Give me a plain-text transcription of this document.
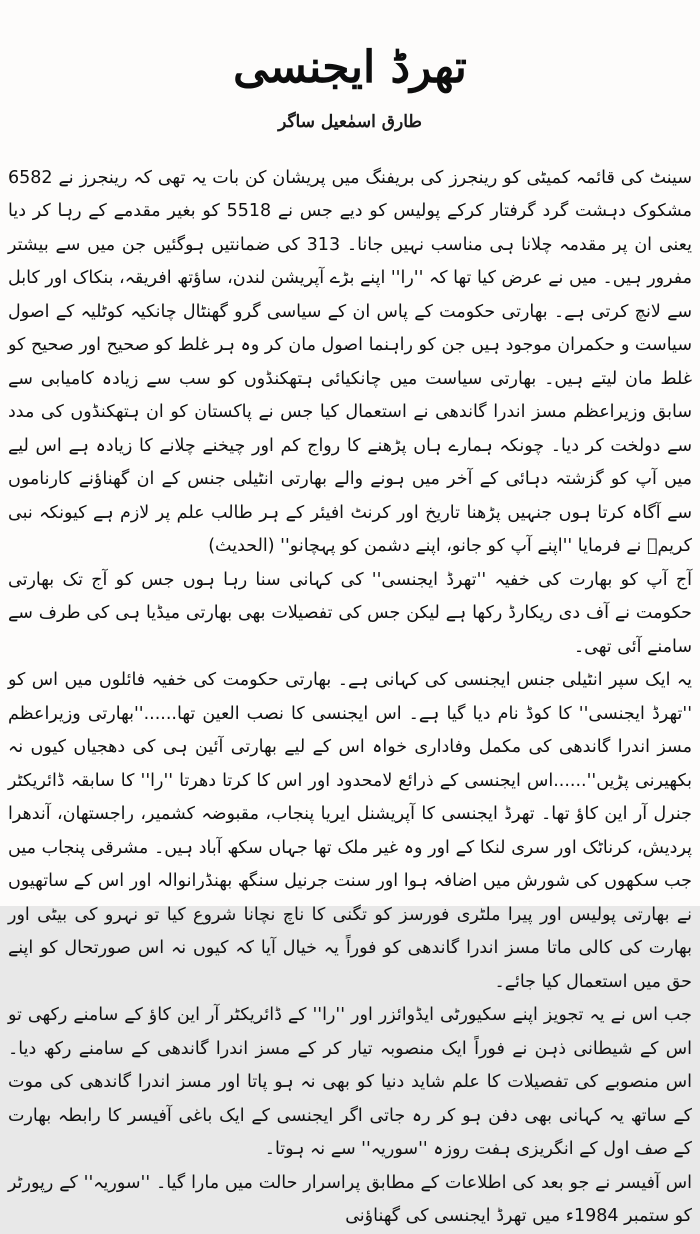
تھرڈ ایجنسی
طارق اسمٰعیل ساگر

سینٹ کی قائمہ کمیٹی کو رینجرز کی بریفنگ میں پریشان کن بات یہ تھی کہ رینجرز نے 6582 مشکوک دہشت گرد گرفتار کرکے پولیس کو دیے جس نے 5518 کو بغیر مقدمے کے رہا کر دیا یعنی ان پر مقدمہ چلانا ہی مناسب نہیں جانا۔ 313 کی ضمانتیں ہوگئیں جن میں سے بیشتر مفرور ہیں۔ میں نے عرض کیا تھا کہ ''را'' اپنے بڑے آپریشن لندن، ساؤتھ افریقہ، بنکاک اور کابل سے لانچ کرتی ہے۔ بھارتی حکومت کے پاس ان کے سیاسی گرو گھنٹال چانکیہ کوٹلیہ کے اصول سیاست و حکمران موجود ہیں جن کو راہنما اصول مان کر وہ ہر غلط کو صحیح اور صحیح کو غلط مان لیتے ہیں۔ بھارتی سیاست میں چانکیائی ہتھکنڈوں کو سب سے زیادہ کامیابی سے سابق وزیراعظم مسز اندرا گاندھی نے استعمال کیا جس نے پاکستان کو ان ہتھکنڈوں کی مدد سے دولخت کر دیا۔ چونکہ ہمارے ہاں پڑھنے کا رواج کم اور چیخنے چلانے کا زیادہ ہے اس لیے میں آپ کو گزشتہ دہائی کے آخر میں ہونے والے بھارتی انٹیلی جنس کے ان گھناؤنے کارناموں سے آگاہ کرتا ہوں جنہیں پڑھنا تاریخ اور کرنٹ افیئر کے ہر طالب علم پر لازم ہے کیونکہ نبی کریمؐ نے فرمایا ''اپنے آپ کو جانو، اپنے دشمن کو پہچانو'' (الحدیث)

آج آپ کو بھارت کی خفیہ ''تھرڈ ایجنسی'' کی کہانی سنا رہا ہوں جس کو آج تک بھارتی حکومت نے آف دی ریکارڈ رکھا ہے لیکن جس کی تفصیلات بھی بھارتی میڈیا ہی کی طرف سے سامنے آئی تھی۔

یہ ایک سپر انٹیلی جنس ایجنسی کی کہانی ہے۔ بھارتی حکومت کی خفیہ فائلوں میں اس کو ''تھرڈ ایجنسی'' کا کوڈ نام دیا گیا ہے۔ اس ایجنسی کا نصب العین تھا......''بھارتی وزیراعظم مسز اندرا گاندھی کی مکمل وفاداری خواہ اس کے لیے بھارتی آئین ہی کی دھجیاں کیوں نہ بکھیرنی پڑیں''......اس ایجنسی کے ذرائع لامحدود اور اس کا کرتا دھرتا ''را'' کا سابقہ ڈائریکٹر جنرل آر این کاؤ تھا۔ تھرڈ ایجنسی کا آپریشنل ایریا پنجاب، مقبوضہ کشمیر، راجستھان، آندھرا پردیش، کرناٹک اور سری لنکا کے اور وہ غیر ملک تھا جہاں سکھ آباد ہیں۔ مشرقی پنجاب میں جب سکھوں کی شورش میں اضافہ ہوا اور سنت جرنیل سنگھ بھنڈرانوالہ اور اس کے ساتھیوں نے بھارتی پولیس اور پیرا ملٹری فورسز کو تگنی کا ناچ نچانا شروع کیا تو نہرو کی بیٹی اور بھارت کی کالی ماتا مسز اندرا گاندھی کو فوراً یہ خیال آیا کہ کیوں نہ اس صورتحال کو اپنے حق میں استعمال کیا جائے۔

جب اس نے یہ تجویز اپنے سکیورٹی ایڈوائزر اور ''را'' کے ڈائریکٹر آر این کاؤ کے سامنے رکھی تو اس کے شیطانی ذہن نے فوراً ایک منصوبہ تیار کر کے مسز اندرا گاندھی کے سامنے رکھ دیا۔ اس منصوبے کی تفصیلات کا علم شاید دنیا کو بھی نہ ہو پاتا اور مسز اندرا گاندھی کی موت کے ساتھ یہ کہانی بھی دفن ہو کر رہ جاتی اگر ایجنسی کے ایک باغی آفیسر کا رابطہ بھارت کے صف اول کے انگریزی ہفت روزہ ''سوریہ'' سے نہ ہوتا۔

اس آفیسر نے جو بعد کی اطلاعات کے مطابق پراسرار حالت میں مارا گیا۔ ''سوریہ'' کے رپورٹر کو ستمبر 1984ء میں تھرڈ ایجنسی کی گھناؤنی
